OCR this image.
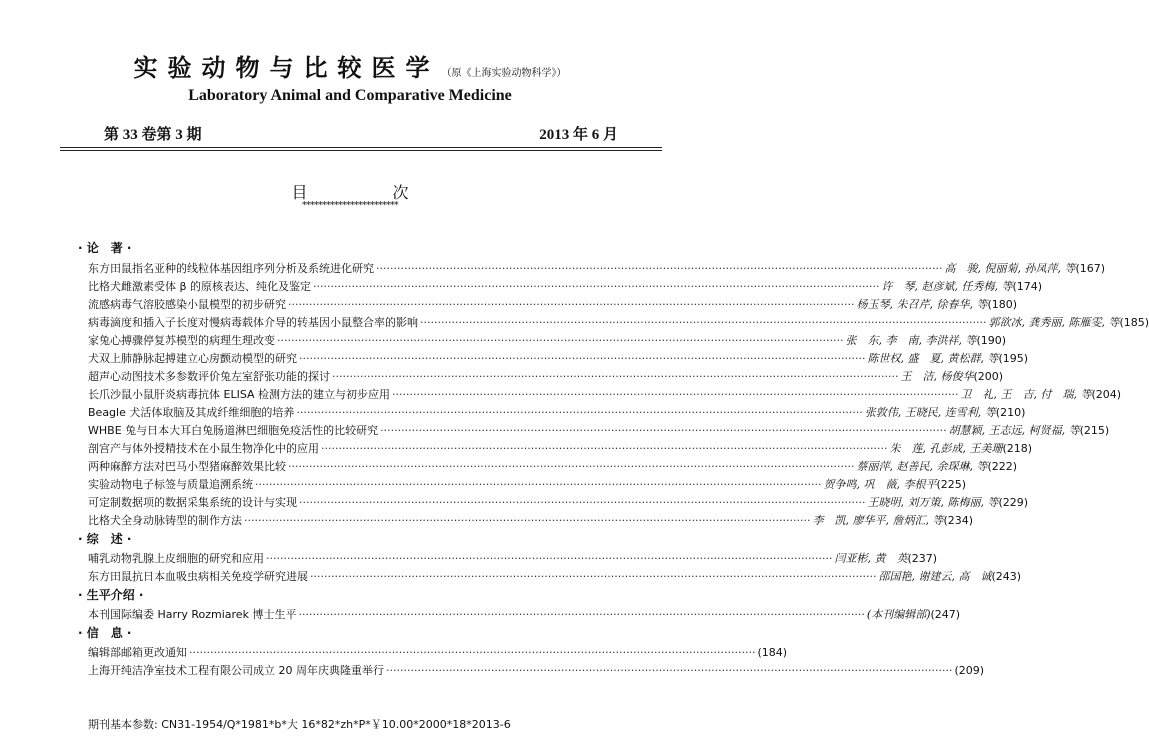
实验动物与比较医学 （原《上海实验动物科学》）
Laboratory Animal and Comparative Medicine
第 33 卷第 3 期	2013 年 6 月
目 次
************************
· 论　著 ·
东方田鼠指名亚种的线粒体基因组序列分析及系统进化研究 ·····	高　骏, 倪丽菊, 孙凤萍, 等 (167)
比格犬雌激素受体 β 的原核表达、纯化及鉴定 ·····	许　琴, 赵彦斌, 任秀梅, 等 (174)
流感病毒气溶胶感染小鼠模型的初步研究 ·····	杨玉琴, 朱召芹, 徐春华, 等 (180)
病毒滴度和插入子长度对慢病毒载体介导的转基因小鼠整合率的影响 ·····	郭欲冰, 龚秀丽, 陈雁雯, 等 (185)
家兔心搏骤停复苏模型的病理生理改变 ·····	张　东, 李　南, 李洪祥, 等 (190)
犬双上肺静脉起搏建立心房颤动模型的研究 ·····	陈世权, 盛　夏, 黄松群, 等 (195)
超声心动图技术多参数评价兔左室舒张功能的探讨 ·····	王　洁, 杨俊华 (200)
长爪沙鼠小鼠肝炎病毒抗体 ELISA 检测方法的建立与初步应用 ·····	卫　礼, 王　吉, 付　瑞, 等 (204)
Beagle 犬活体取脑及其成纤维细胞的培养 ·····	张敦伟, 王晓民, 连雪利, 等 (210)
WHBE 兔与日本大耳白兔肠道淋巴细胞免疫活性的比较研究 ·····	胡慧颖, 王志远, 柯贤福, 等 (215)
剖宫产与体外授精技术在小鼠生物净化中的应用 ·····	朱　莲, 孔彭成, 王美珊 (218)
两种麻醉方法对巴马小型猪麻醉效果比较 ·····	蔡丽萍, 赵善民, 余琛琳, 等 (222)
实验动物电子标签与质量追溯系统 ·····	贺争鸣, 巩　薇, 李根平 (225)
可定制数据项的数据采集系统的设计与实现 ·····	王晓明, 刘万策, 陈梅丽, 等 (229)
比格犬全身动脉铸型的制作方法 ·····	李　凯, 廖华平, 詹炳汇, 等 (234)
· 综　述 ·
哺乳动物乳腺上皮细胞的研究和应用 ·····	闫亚彬, 黄　英 (237)
东方田鼠抗日本血吸虫病相关免疫学研究进展 ·····	邵国艳, 谢建云, 高　诚 (243)
· 生平介绍 ·
本刊国际编委 Harry Rozmiarek 博士生平 ·····	(本刊编辑部) (247)
· 信　息 ·
编辑部邮箱更改通知 ·····	(184)
上海开纯洁净室技术工程有限公司成立 20 周年庆典隆重举行 ·····	(209)
期刊基本参数: CN31-1954/Q*1981*b*大 16*82*zh*P*￥10.00*2000*18*2013-6
